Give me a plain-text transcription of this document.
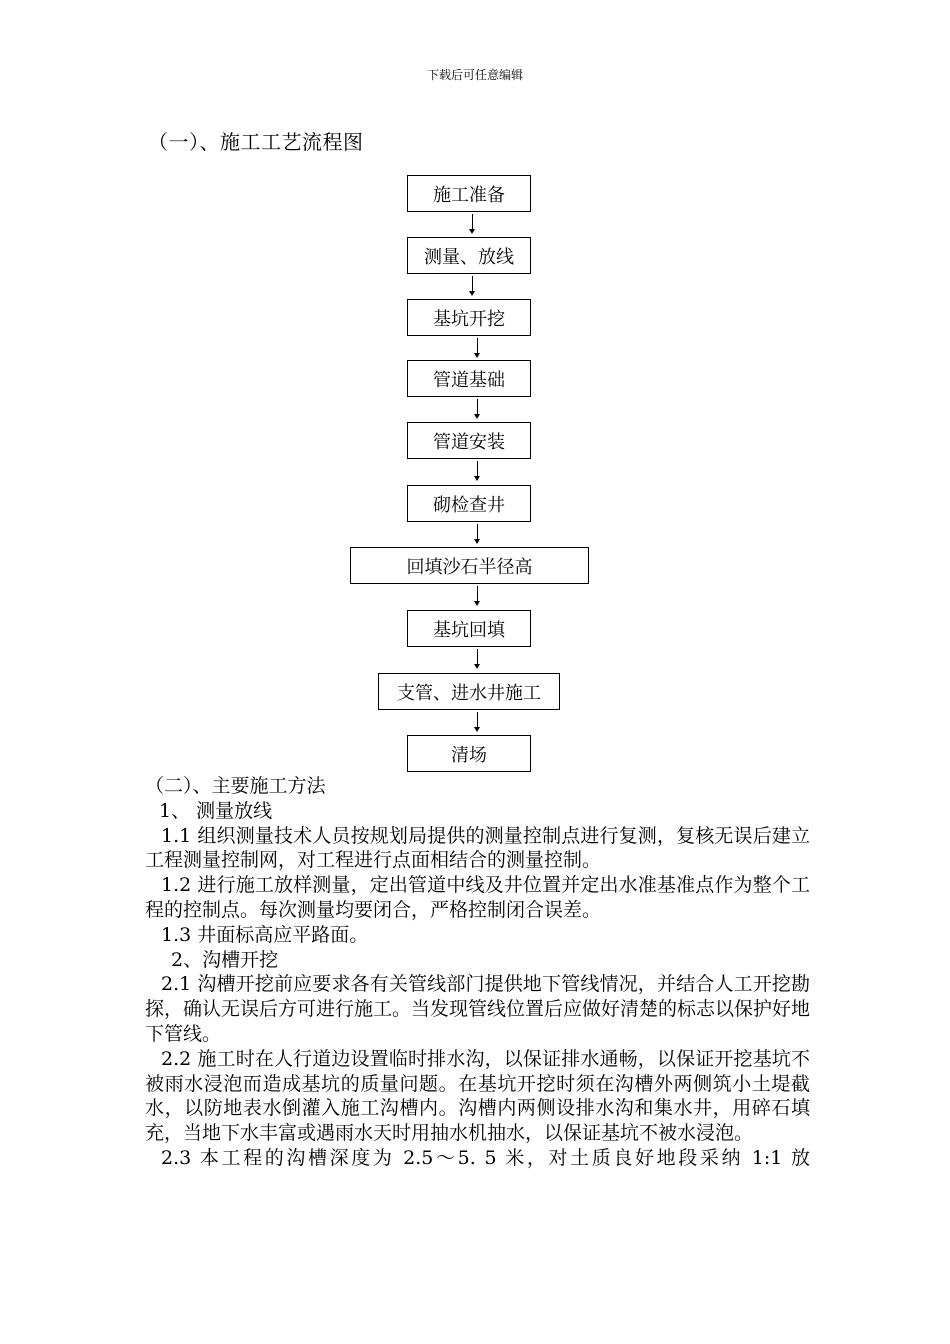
下载后可任意编辑
（一）、施工工艺流程图
施工准备
测量、放线
基坑开挖
管道基础
管道安装
砌检查井
回填沙石半径高
基坑回填
支管、进水井施工
清场

（二）、主要施工方法

1、 测量放线

1.1 组织测量技术人员按规划局提供的测量控制点进行复测，复核无误后建立工程测量控制网，对工程进行点面相结合的测量控制。

1.2 进行施工放样测量，定出管道中线及井位置并定出水准基准点作为整个工程的控制点。每次测量均要闭合，严格控制闭合误差。

1.3 井面标高应平路面。

2、沟槽开挖

2.1 沟槽开挖前应要求各有关管线部门提供地下管线情况，并结合人工开挖勘探，确认无误后方可进行施工。当发现管线位置后应做好清楚的标志以保护好地下管线。

2.2 施工时在人行道边设置临时排水沟，以保证排水通畅，以保证开挖基坑不被雨水浸泡而造成基坑的质量问题。在基坑开挖时须在沟槽外两侧筑小土堤截水，以防地表水倒灌入施工沟槽内。沟槽内两侧设排水沟和集水井，用碎石填充，当地下水丰富或遇雨水天时用抽水机抽水，以保证基坑不被水浸泡。

2.3 本工程的沟槽深度为 2.5～5. 5 米，对土质良好地段采纳 1:1 放
